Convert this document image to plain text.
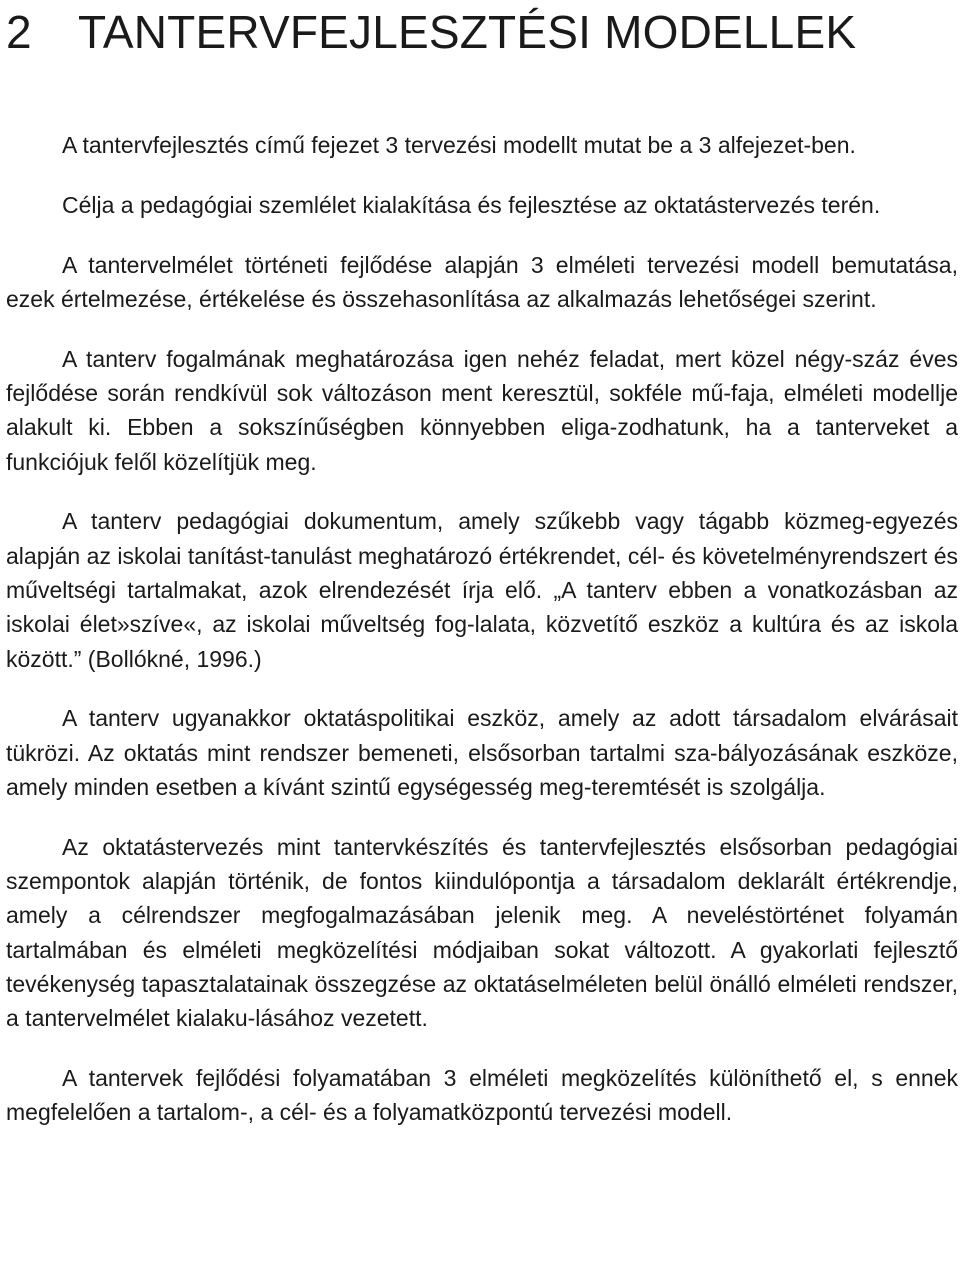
2 TANTERVFEJLESZTÉSI MODELLEK

A tantervfejlesztés című fejezet 3 tervezési modellt mutat be a 3 alfejezet-ben.

Célja a pedagógiai szemlélet kialakítása és fejlesztése az oktatástervezés terén.

A tantervelmélet történeti fejlődése alapján 3 elméleti tervezési modell bemutatása, ezek értelmezése, értékelése és összehasonlítása az alkalmazás lehetőségei szerint.

A tanterv fogalmának meghatározása igen nehéz feladat, mert közel négy-száz éves fejlődése során rendkívül sok változáson ment keresztül, sokféle mű-faja, elméleti modellje alakult ki. Ebben a sokszínűségben könnyebben eliga-zodhatunk, ha a tanterveket a funkciójuk felől közelítjük meg.

A tanterv pedagógiai dokumentum, amely szűkebb vagy tágabb közmeg-egyezés alapján az iskolai tanítást-tanulást meghatározó értékrendet, cél- és követelményrendszert és műveltségi tartalmakat, azok elrendezését írja elő. „A tanterv ebben a vonatkozásban az iskolai élet»szíve«, az iskolai műveltség fog-lalata, közvetítő eszköz a kultúra és az iskola között.” (Bollókné, 1996.)

A tanterv ugyanakkor oktatáspolitikai eszköz, amely az adott társadalom elvárásait tükrözi. Az oktatás mint rendszer bemeneti, elsősorban tartalmi sza-bályozásának eszköze, amely minden esetben a kívánt szintű egységesség meg-teremtését is szolgálja.

Az oktatástervezés mint tantervkészítés és tantervfejlesztés elsősorban pedagógiai szempontok alapján történik, de fontos kiindulópontja a társadalom deklarált értékrendje, amely a célrendszer megfogalmazásában jelenik meg. A neveléstörténet folyamán tartalmában és elméleti megközelítési módjaiban sokat változott. A gyakorlati fejlesztő tevékenység tapasztalatainak összegzése az oktatáselméleten belül önálló elméleti rendszer, a tantervelmélet kialaku-lásához vezetett.

A tantervek fejlődési folyamatában 3 elméleti megközelítés különíthető el, s ennek megfelelően a tartalom-, a cél- és a folyamatközpontú tervezési modell.
